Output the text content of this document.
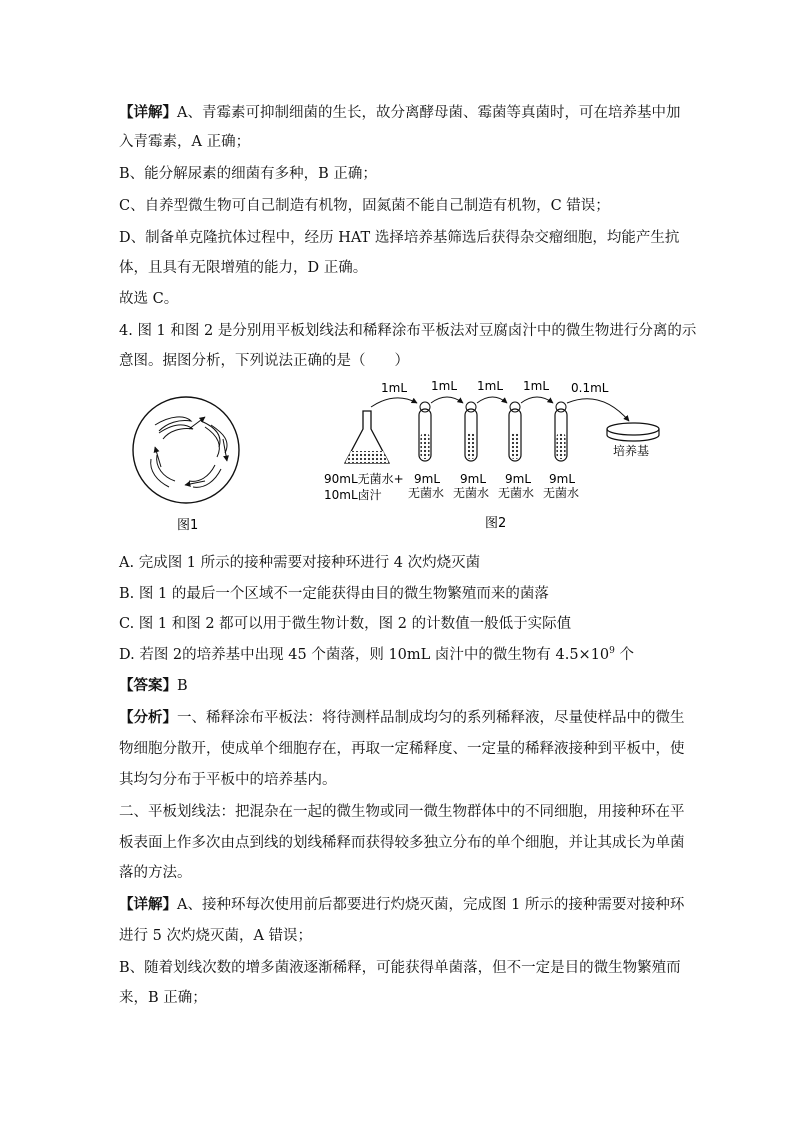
【详解】A、青霉素可抑制细菌的生长，故分离酵母菌、霉菌等真菌时，可在培养基中加
入青霉素，A 正确；
B、能分解尿素的细菌有多种，B 正确；
C、自养型微生物可自己制造有机物，固氮菌不能自己制造有机物，C 错误；
D、制备单克隆抗体过程中，经历 HAT 选择培养基筛选后获得杂交瘤细胞，均能产生抗
体，且具有无限增殖的能力，D 正确。
故选 C。
4. 图 1 和图 2 是分别用平板划线法和稀释涂布平板法对豆腐卤汁中的微生物进行分离的示
意图。据图分析，下列说法正确的是（　　）
图1
1mL 1mL 1mL 1mL 0.1mL
90mL无菌水+
10mL卤汁
9mL 9mL 9mL 9mL
无菌水 无菌水 无菌水 无菌水
培养基
图2
A. 完成图 1 所示的接种需要对接种环进行 4 次灼烧灭菌
B. 图 1 的最后一个区域不一定能获得由目的微生物繁殖而来的菌落
C. 图 1 和图 2 都可以用于微生物计数，图 2 的计数值一般低于实际值
D. 若图 2的培养基中出现 45 个菌落，则 10mL 卤汁中的微生物有 $4.5\times 10^9$ 个
【答案】B
【分析】一、稀释涂布平板法：将待测样品制成均匀的系列稀释液，尽量使样品中的微生
物细胞分散开，使成单个细胞存在，再取一定稀释度、一定量的稀释液接种到平板中，使
其均匀分布于平板中的培养基内。
二、平板划线法：把混杂在一起的微生物或同一微生物群体中的不同细胞，用接种环在平
板表面上作多次由点到线的划线稀释而获得较多独立分布的单个细胞，并让其成长为单菌
落的方法。
【详解】A、接种环每次使用前后都要进行灼烧灭菌，完成图 1 所示的接种需要对接种环
进行 5 次灼烧灭菌，A 错误；
B、随着划线次数的增多菌液逐渐稀释，可能获得单菌落，但不一定是目的微生物繁殖而
来，B 正确；
